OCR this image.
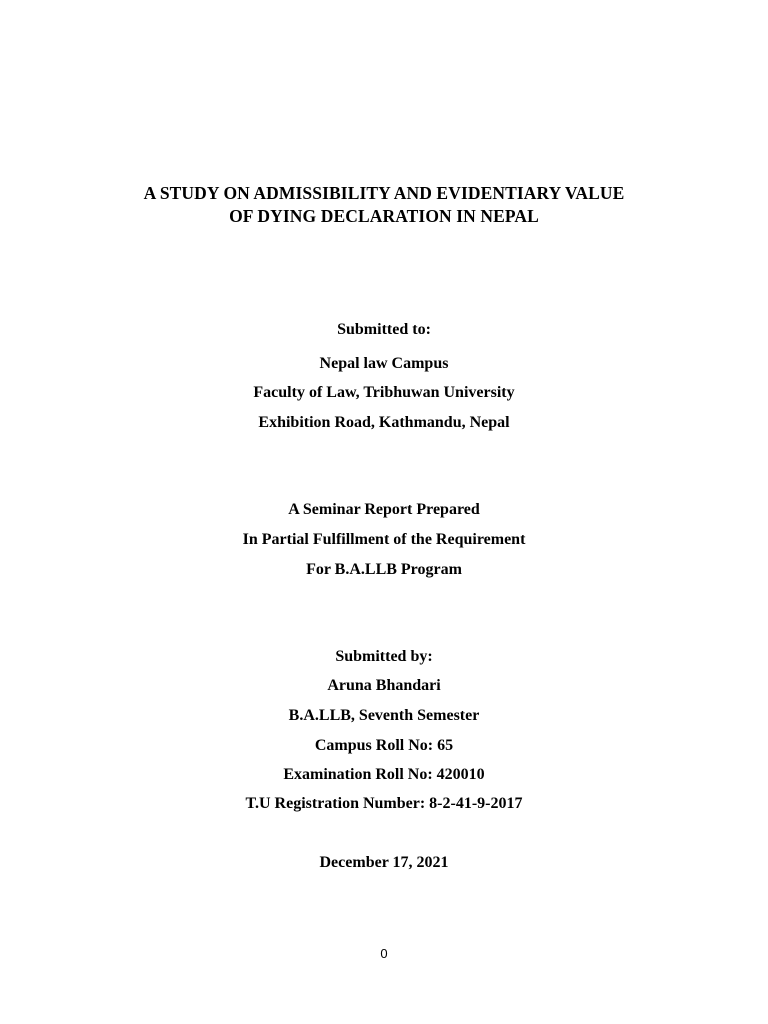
A STUDY ON ADMISSIBILITY AND EVIDENTIARY VALUE
OF DYING DECLARATION IN NEPAL
Submitted to:
Nepal law Campus
Faculty of Law, Tribhuwan University
Exhibition Road, Kathmandu, Nepal
A Seminar Report Prepared
In Partial Fulfillment of the Requirement
For B.A.LLB Program
Submitted by:
Aruna Bhandari
B.A.LLB, Seventh Semester
Campus Roll No: 65
Examination Roll No: 420010
T.U Registration Number: 8-2-41-9-2017
December 17, 2021
0
